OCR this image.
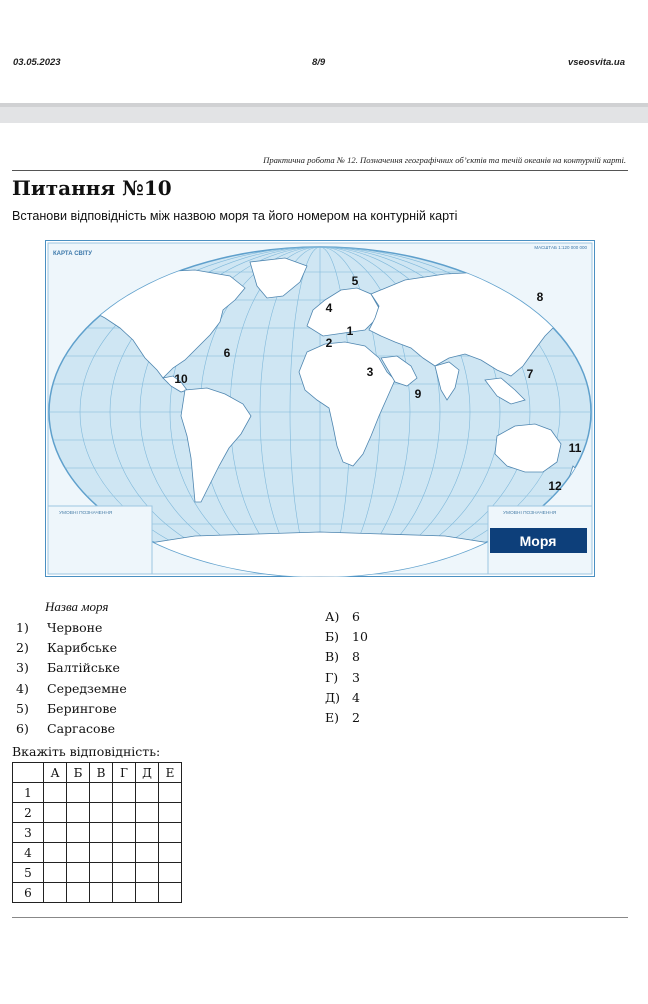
03.05.2023	8/9	vseosvita.ua
Практична робота № 12. Позначення географічних об’єктів та течій океанів на контурній карті.
Питання №10
Встанови відповідність між назвою моря та його номером на контурній карті
КАРТА СВІТУ
МАСШТАБ 1:120 000 000
УМОВНІ ПОЗНАЧЕННЯ	УМОВНІ ПОЗНАЧЕННЯ
Моря
1
2
3
4
5
6
7
8
9
10
11
12
Назва моря
1) Червоне
2) Карибське
3) Балтійське
4) Середземне
5) Берингове
6) Саргасове
А) 6
Б) 10
В) 8
Г) 3
Д) 4
Е) 2
Вкажіть відповідність:
	А	Б	В	Г	Д	Е
1						
2						
3						
4						
5						
6						
